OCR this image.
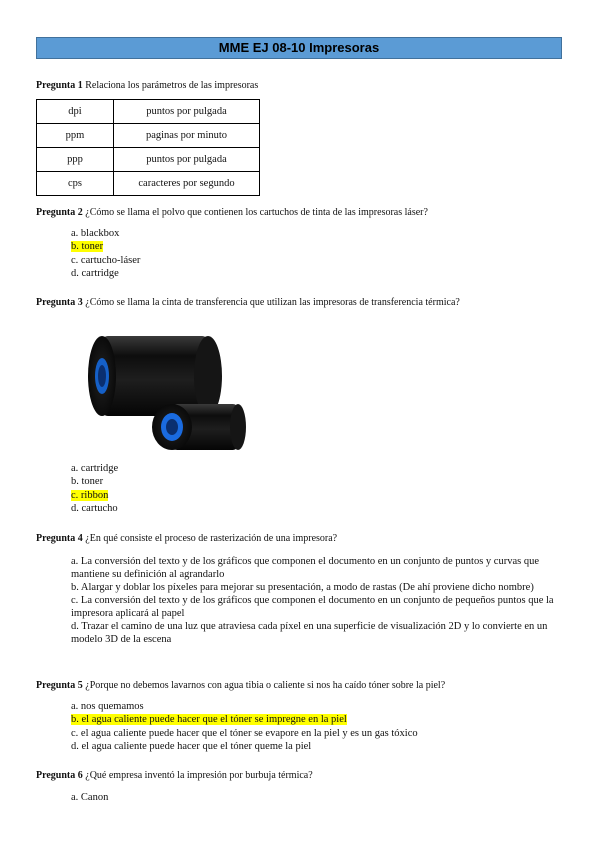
MME EJ 08-10 Impresoras
Pregunta 1 Relaciona los parámetros de las impresoras
dpi	puntos por pulgada
ppm	paginas por minuto
ppp	puntos por pulgada
cps	caracteres por segundo
Pregunta 2 ¿Cómo se llama el polvo que contienen los cartuchos de tinta de las impresoras láser?
a. blackbox
b. toner
c. cartucho-láser
d. cartridge
Pregunta 3 ¿Cómo se llama la cinta de transferencia que utilizan las impresoras de transferencia térmica?
a. cartridge
b. toner
c. ribbon
d. cartucho
Pregunta 4 ¿En qué consiste el proceso de rasterización de una impresora?
a. La conversión del texto y de los gráficos que componen el documento en un conjunto de puntos y curvas que mantiene su definición al agrandarlo
b. Alargar y doblar los píxeles para mejorar su presentación, a modo de rastas (De ahí proviene dicho nombre)
c. La conversión del texto y de los gráficos que componen el documento en un conjunto de pequeños puntos que la impresora aplicará al papel
d. Trazar el camino de una luz que atraviesa cada píxel en una superficie de visualización 2D y lo convierte en un modelo 3D de la escena
Pregunta 5 ¿Porque no debemos lavarnos con agua tibia o caliente si nos ha caído tóner sobre la piel?
a. nos quemamos
b. el agua caliente puede hacer que el tóner se impregne en la piel
c. el agua caliente puede hacer que el tóner se evapore en la piel y es un gas tóxico
d. el agua caliente puede hacer que el tóner queme la piel
Pregunta 6 ¿Qué empresa inventó la impresión por burbuja térmica?
a. Canon
